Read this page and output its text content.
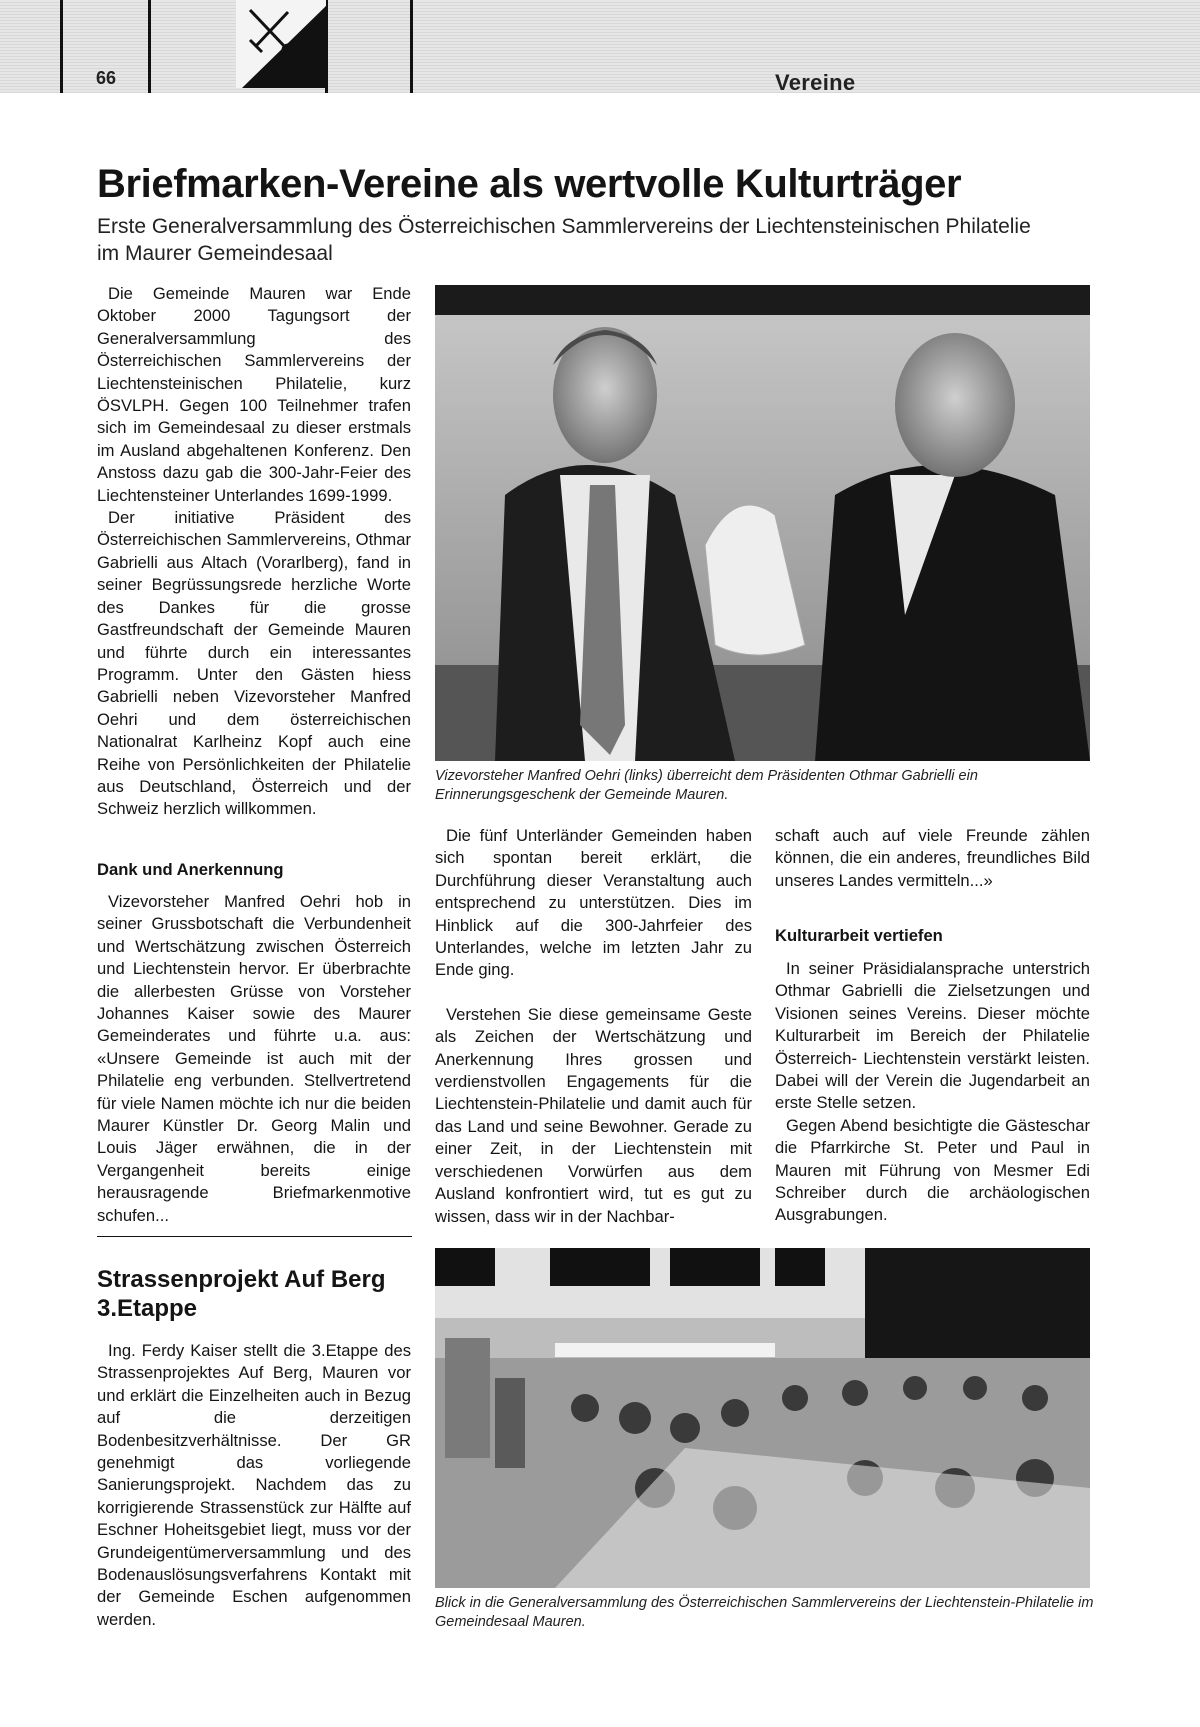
66	Vereine
Briefmarken-Vereine als wertvolle Kulturträger
Erste Generalversammlung des Österreichischen Sammlervereins der Liechtensteinischen Philatelie im Maurer Gemeindesaal

Die Gemeinde Mauren war Ende Oktober 2000 Tagungsort der Generalversammlung des Österreichischen Sammlervereins der Liechtensteinischen Philatelie, kurz ÖSVLPH. Gegen 100 Teilnehmer trafen sich im Gemeindesaal zu dieser erstmals im Ausland abgehaltenen Konferenz. Den Anstoss dazu gab die 300-Jahr-Feier des Liechtensteiner Unterlandes 1699-1999.

Der initiative Präsident des Österreichischen Sammlervereins, Othmar Gabrielli aus Altach (Vorarlberg), fand in seiner Begrüssungsrede herzliche Worte des Dankes für die grosse Gastfreundschaft der Gemeinde Mauren und führte durch ein interessantes Programm. Unter den Gästen hiess Gabrielli neben Vizevorsteher Manfred Oehri und dem österreichischen Nationalrat Karlheinz Kopf auch eine Reihe von Persönlichkeiten der Philatelie aus Deutschland, Österreich und der Schweiz herzlich willkommen.

Dank und Anerkennung

Vizevorsteher Manfred Oehri hob in seiner Grussbotschaft die Verbundenheit und Wertschätzung zwischen Österreich und Liechtenstein hervor. Er überbrachte die allerbesten Grüsse von Vorsteher Johannes Kaiser sowie des Maurer Gemeinderates und führte u.a. aus: «Unsere Gemeinde ist auch mit der Philatelie eng verbunden. Stellvertretend für viele Namen möchte ich nur die beiden Maurer Künstler Dr. Georg Malin und Louis Jäger erwähnen, die in der Vergangenheit bereits einige herausragende Briefmarkenmotive schufen...

Strassenprojekt Auf Berg 3.Etappe

Ing. Ferdy Kaiser stellt die 3.Etappe des Strassenprojektes Auf Berg, Mauren vor und erklärt die Einzelheiten auch in Bezug auf die derzeitigen Bodenbesitzverhältnisse. Der GR genehmigt das vorliegende Sanierungsprojekt. Nachdem das zu korrigierende Strassenstück zur Hälfte auf Eschner Hoheitsgebiet liegt, muss vor der Grundeigentümerversammlung und des Bodenauslösungsverfahrens Kontakt mit der Gemeinde Eschen aufgenommen werden.

Vizevorsteher Manfred Oehri (links) überreicht dem Präsidenten Othmar Gabrielli ein Erinnerungsgeschenk der Gemeinde Mauren.

Die fünf Unterländer Gemeinden haben sich spontan bereit erklärt, die Durchführung dieser Veranstaltung auch entsprechend zu unterstützen. Dies im Hinblick auf die 300-Jahrfeier des Unterlandes, welche im letzten Jahr zu Ende ging.

Verstehen Sie diese gemeinsame Geste als Zeichen der Wertschätzung und Anerkennung Ihres grossen und verdienstvollen Engagements für die Liechtenstein-Philatelie und damit auch für das Land und seine Bewohner. Gerade zu einer Zeit, in der Liechtenstein mit verschiedenen Vorwürfen aus dem Ausland konfrontiert wird, tut es gut zu wissen, dass wir in der Nachbar-

schaft auch auf viele Freunde zählen können, die ein anderes, freundliches Bild unseres Landes vermitteln...»

Kulturarbeit vertiefen

In seiner Präsidialansprache unterstrich Othmar Gabrielli die Zielsetzungen und Visionen seines Vereins. Dieser möchte Kulturarbeit im Bereich der Philatelie Österreich- Liechtenstein verstärkt leisten. Dabei will der Verein die Jugendarbeit an erste Stelle setzen.

Gegen Abend besichtigte die Gästeschar die Pfarrkirche St. Peter und Paul in Mauren mit Führung von Mesmer Edi Schreiber durch die archäologischen Ausgrabungen.

Blick in die Generalversammlung des Österreichischen Sammlervereins der Liechtenstein-Philatelie im Gemeindesaal Mauren.
